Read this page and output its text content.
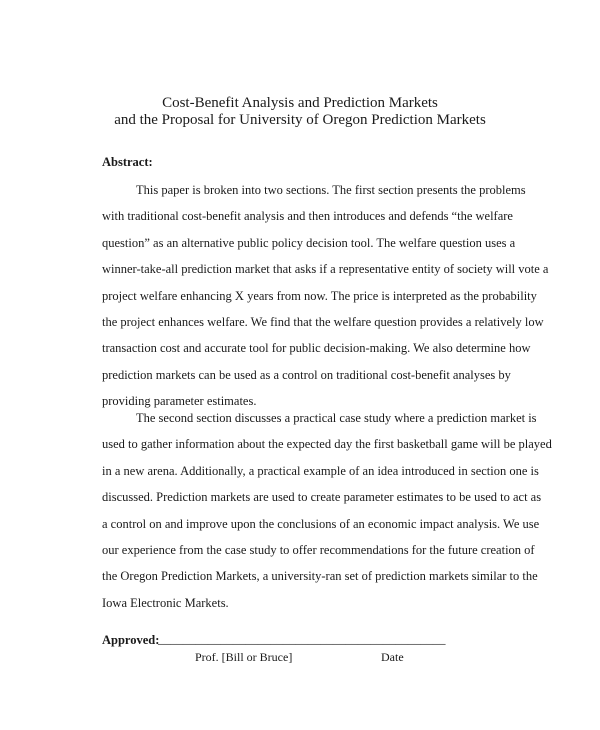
Cost-Benefit Analysis and Prediction Markets
and the Proposal for University of Oregon Prediction Markets
Abstract:

This paper is broken into two sections. The first section presents the problems
with traditional cost-benefit analysis and then introduces and defends “the welfare
question” as an alternative public policy decision tool. The welfare question uses a
winner-take-all prediction market that asks if a representative entity of society will vote a
project welfare enhancing X years from now. The price is interpreted as the probability
the project enhances welfare. We find that the welfare question provides a relatively low
transaction cost and accurate tool for public decision-making. We also determine how
prediction markets can be used as a control on traditional cost-benefit analyses by
providing parameter estimates.

The second section discusses a practical case study where a prediction market is
used to gather information about the expected day the first basketball game will be played
in a new arena. Additionally, a practical example of an idea introduced in section one is
discussed. Prediction markets are used to create parameter estimates to be used to act as
a control on and improve upon the conclusions of an economic impact analysis. We use
our experience from the case study to offer recommendations for the future creation of
the Oregon Prediction Markets, a university-ran set of prediction markets similar to the
Iowa Electronic Markets.

Approved:
______________________________________________
Prof. [Bill or Bruce]	Date
